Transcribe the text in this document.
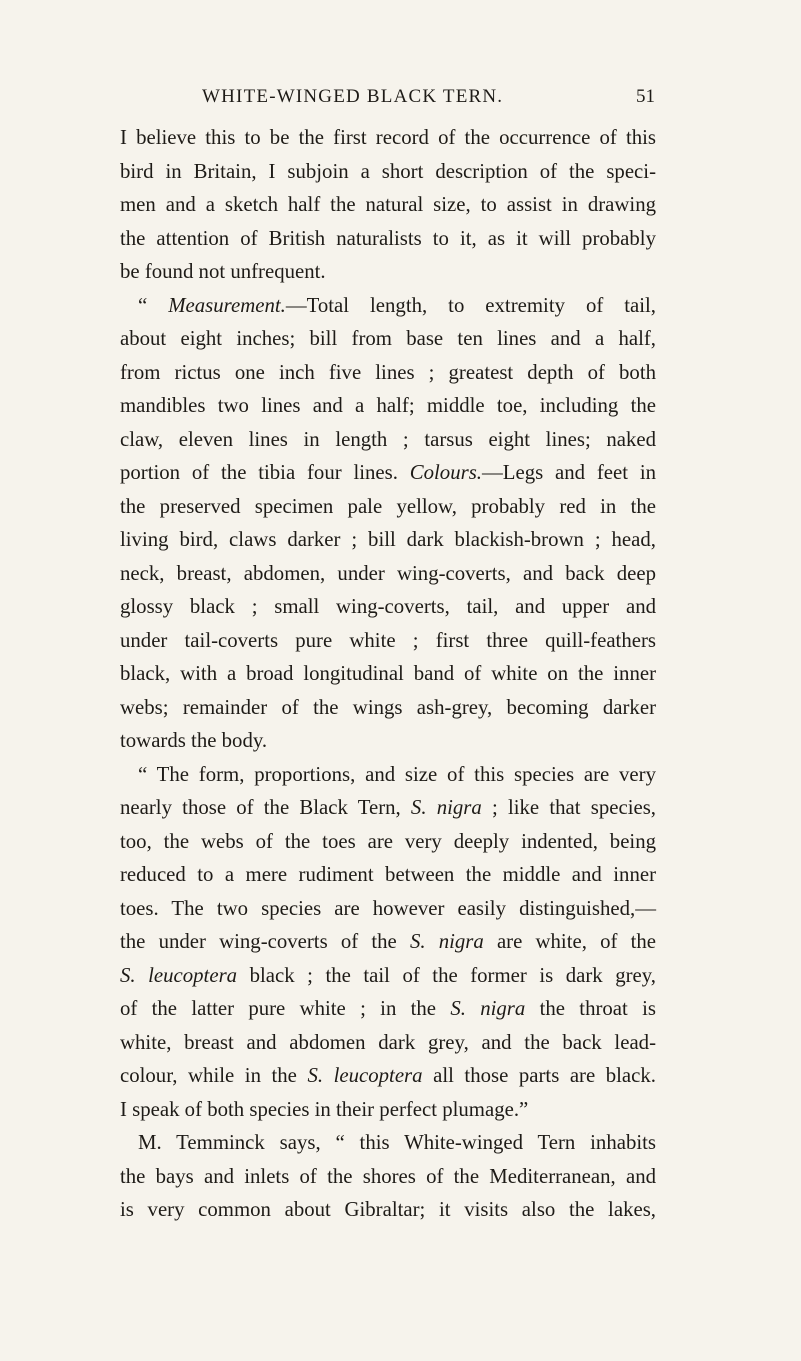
WHITE-WINGED BLACK TERN.	51
I believe this to be the first record of the occurrence of this
bird in Britain, I subjoin a short description of the speci-
men and a sketch half the natural size, to assist in drawing
the attention of British naturalists to it, as it will probably
be found not unfrequent.
“ Measurement.—Total length, to extremity of tail,
about eight inches; bill from base ten lines and a half,
from rictus one inch five lines ; greatest depth of both
mandibles two lines and a half; middle toe, including the
claw, eleven lines in length ; tarsus eight lines; naked
portion of the tibia four lines. Colours.—Legs and feet in
the preserved specimen pale yellow, probably red in the
living bird, claws darker ; bill dark blackish-brown ; head,
neck, breast, abdomen, under wing-coverts, and back deep
glossy black ; small wing-coverts, tail, and upper and
under tail-coverts pure white ; first three quill-feathers
black, with a broad longitudinal band of white on the inner
webs; remainder of the wings ash-grey, becoming darker
towards the body.
“ The form, proportions, and size of this species are very
nearly those of the Black Tern, S. nigra ; like that species,
too, the webs of the toes are very deeply indented, being
reduced to a mere rudiment between the middle and inner
toes. The two species are however easily distinguished,—
the under wing-coverts of the S. nigra are white, of the
S. leucoptera black ; the tail of the former is dark grey,
of the latter pure white ; in the S. nigra the throat is
white, breast and abdomen dark grey, and the back lead-
colour, while in the S. leucoptera all those parts are black.
I speak of both species in their perfect plumage.”
M. Temminck says, “ this White-winged Tern inhabits
the bays and inlets of the shores of the Mediterranean, and
is very common about Gibraltar; it visits also the lakes,
